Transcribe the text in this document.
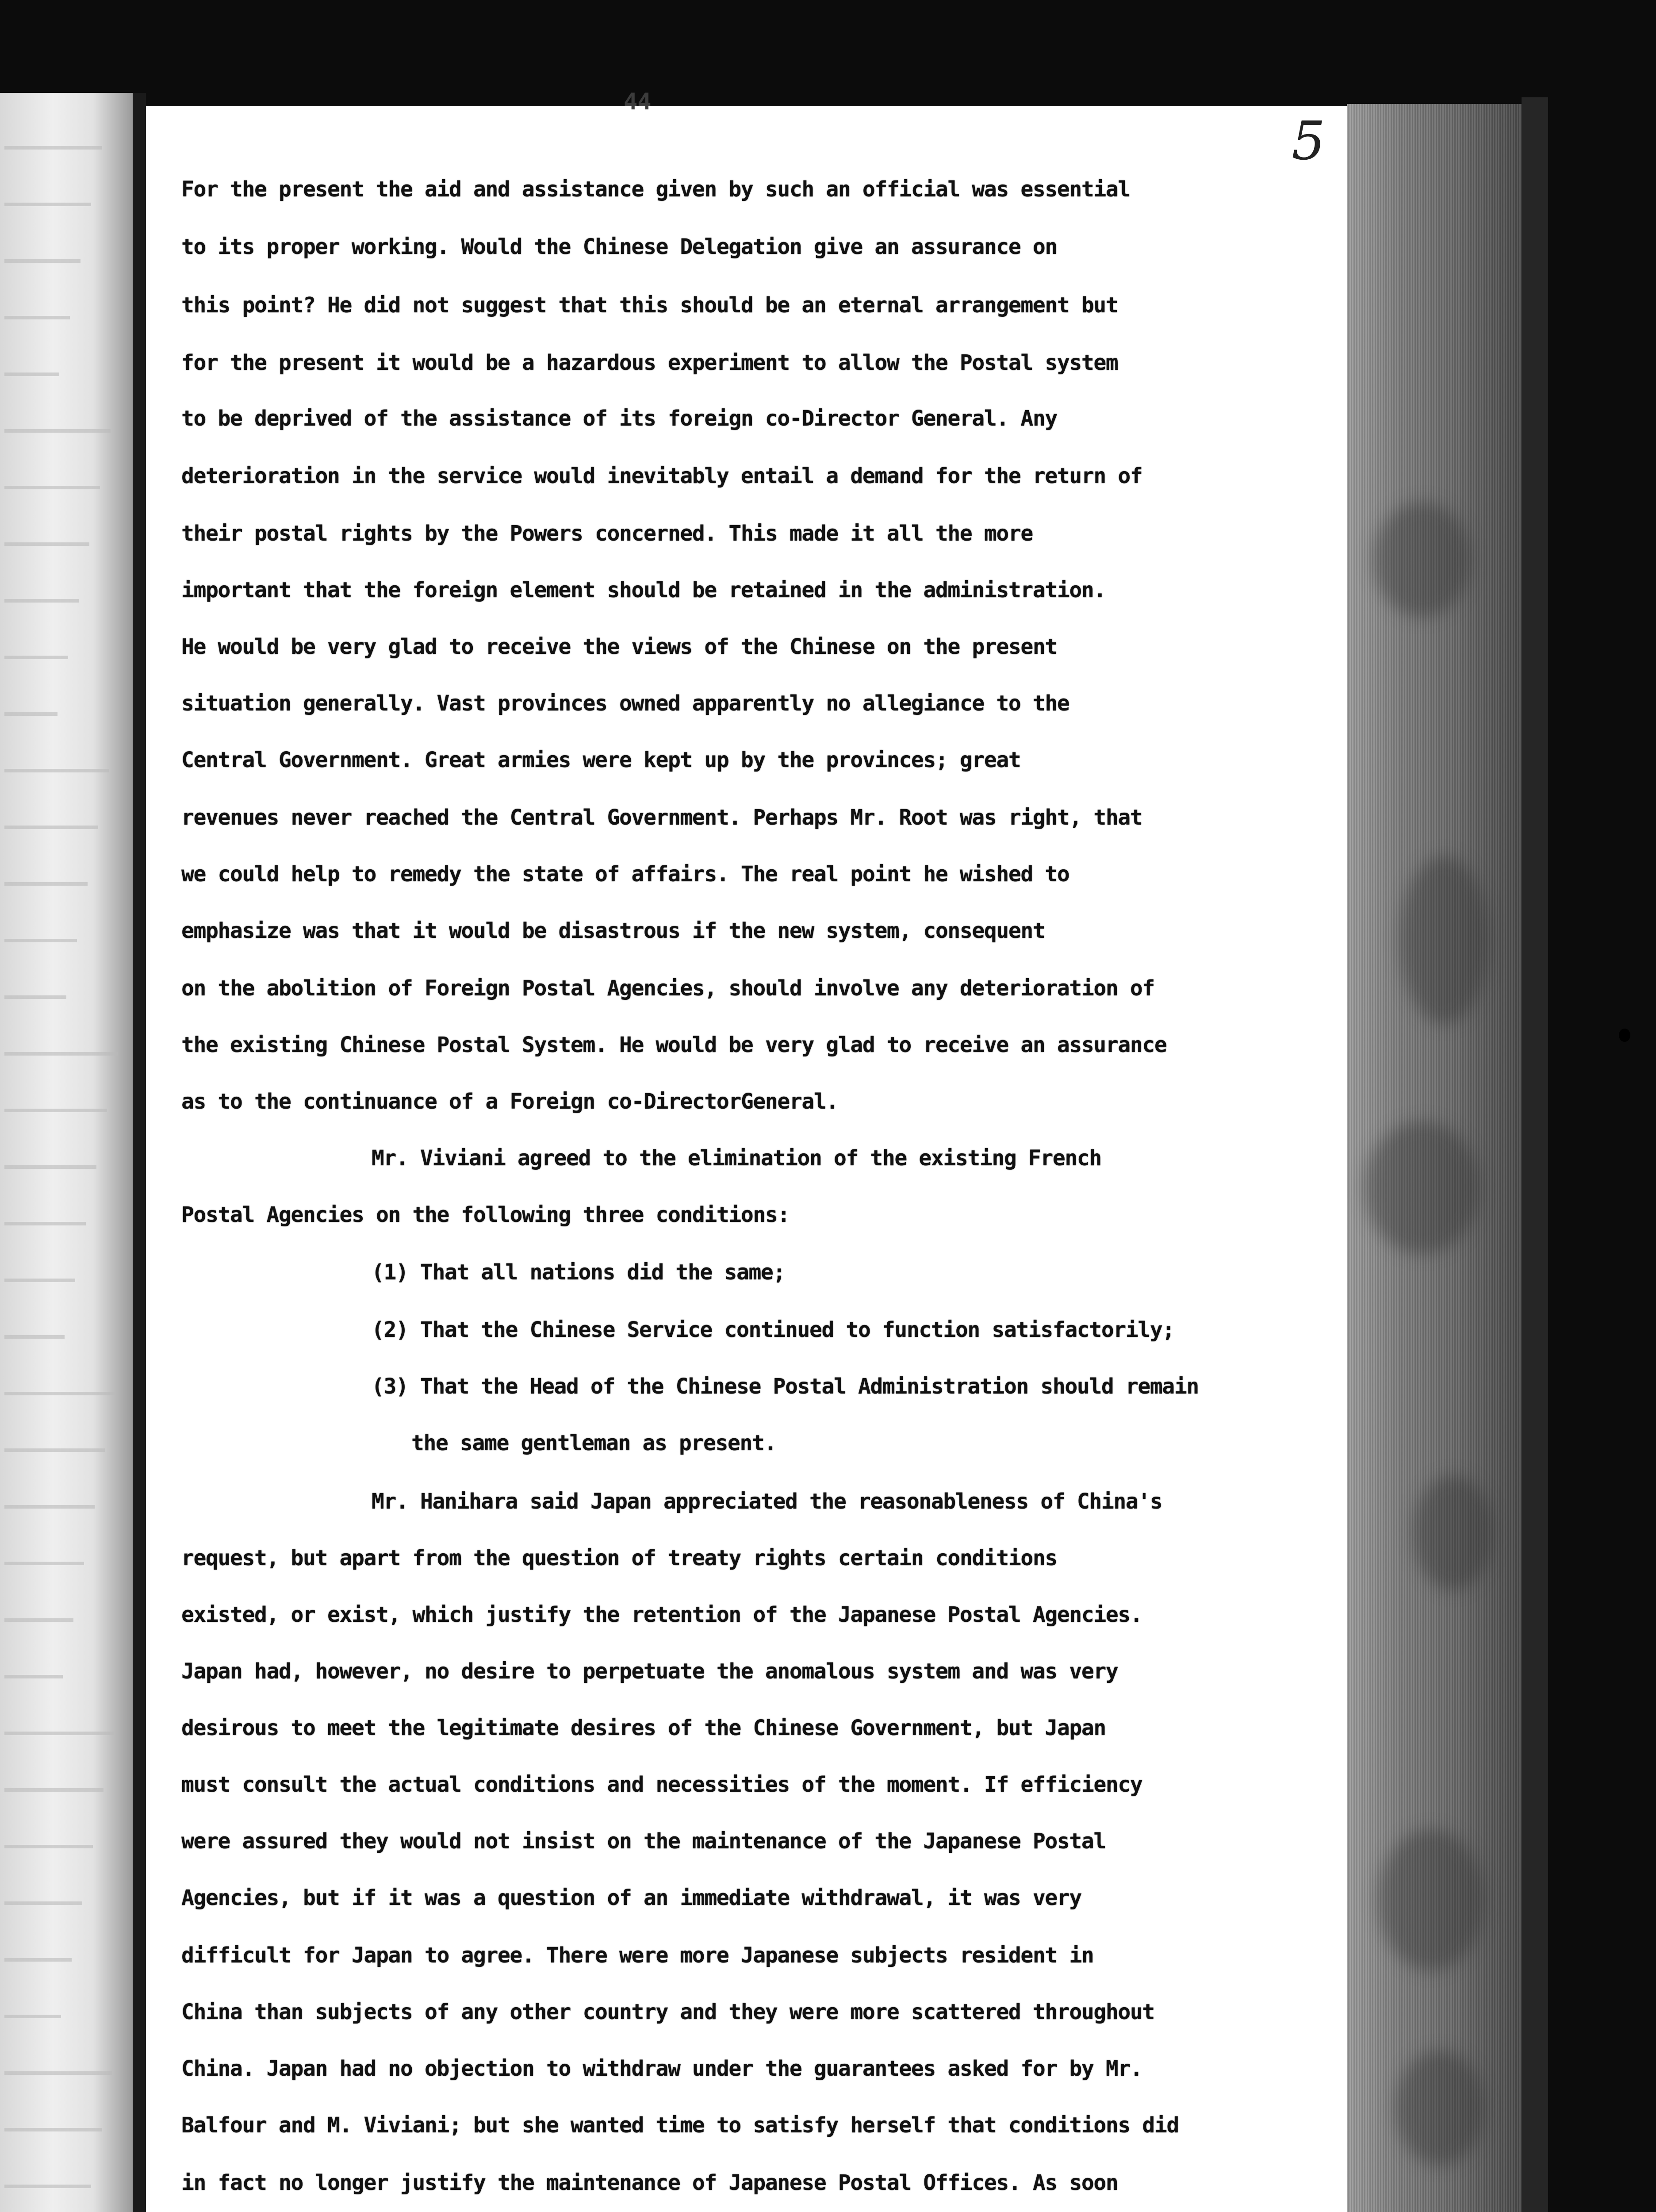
44
5
For the present the aid and assistance given by such an official was essential
to its proper working. Would the Chinese Delegation give an assurance on
this point? He did not suggest that this should be an eternal arrangement but
for the present it would be a hazardous experiment to allow the Postal system
to be deprived of the assistance of its foreign co-Director General. Any
deterioration in the service would inevitably entail a demand for the return of
their postal rights by the Powers concerned. This made it all the more
important that the foreign element should be retained in the administration.
He would be very glad to receive the views of the Chinese on the present
situation generally. Vast provinces owned apparently no allegiance to the
Central Government. Great armies were kept up by the provinces; great
revenues never reached the Central Government. Perhaps Mr. Root was right, that
we could help to remedy the state of affairs. The real point he wished to
emphasize was that it would be disastrous if the new system, consequent
on the abolition of Foreign Postal Agencies, should involve any deterioration of
the existing Chinese Postal System. He would be very glad to receive an assurance
as to the continuance of a Foreign co-DirectorGeneral.
Mr. Viviani agreed to the elimination of the existing French
Postal Agencies on the following three conditions:
(1) That all nations did the same;
(2) That the Chinese Service continued to function satisfactorily;
(3) That the Head of the Chinese Postal Administration should remain
the same gentleman as present.
Mr. Hanihara said Japan appreciated the reasonableness of China's
request, but apart from the question of treaty rights certain conditions
existed, or exist, which justify the retention of the Japanese Postal Agencies.
Japan had, however, no desire to perpetuate the anomalous system and was very
desirous to meet the legitimate desires of the Chinese Government, but Japan
must consult the actual conditions and necessities of the moment. If efficiency
were assured they would not insist on the maintenance of the Japanese Postal
Agencies, but if it was a question of an immediate withdrawal, it was very
difficult for Japan to agree. There were more Japanese subjects resident in
China than subjects of any other country and they were more scattered throughout
China. Japan had no objection to withdraw under the guarantees asked for by Mr.
Balfour and M. Viviani; but she wanted time to satisfy herself that conditions did
in fact no longer justify the maintenance of Japanese Postal Offices. As soon
